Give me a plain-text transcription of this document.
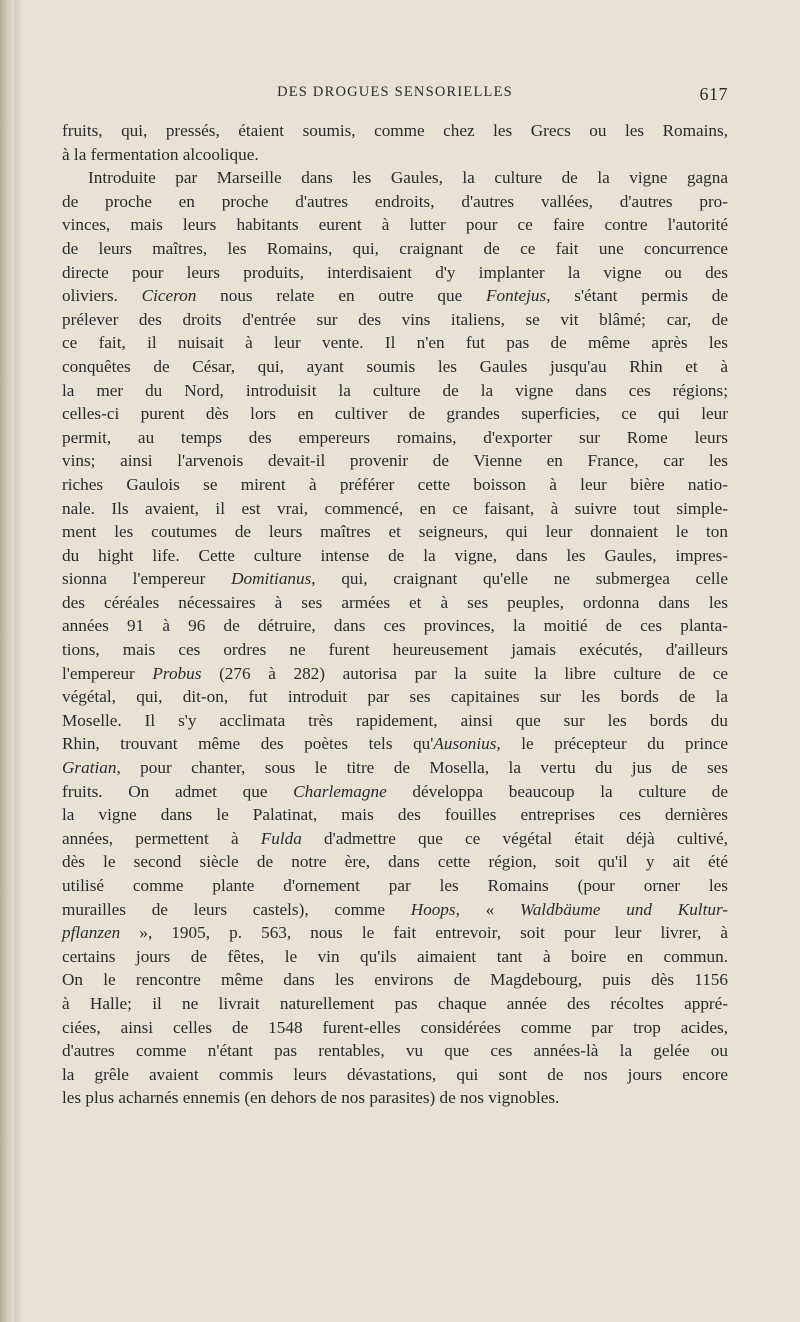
DES DROGUES SENSORIELLES	617
fruits, qui, pressés, étaient soumis, comme chez les Grecs ou les Romains,
à la fermentation alcoolique.
Introduite par Marseille dans les Gaules, la culture de la vigne gagna
de proche en proche d'autres endroits, d'autres vallées, d'autres pro-
vinces, mais leurs habitants eurent à lutter pour ce faire contre l'autorité
de leurs maîtres, les Romains, qui, craignant de ce fait une concurrence
directe pour leurs produits, interdisaient d'y implanter la vigne ou des
oliviers. Ciceron nous relate en outre que Fontejus, s'étant permis de
prélever des droits d'entrée sur des vins italiens, se vit blâmé; car, de
ce fait, il nuisait à leur vente. Il n'en fut pas de même après les
conquêtes de César, qui, ayant soumis les Gaules jusqu'au Rhin et à
la mer du Nord, introduisit la culture de la vigne dans ces régions;
celles-ci purent dès lors en cultiver de grandes superficies, ce qui leur
permit, au temps des empereurs romains, d'exporter sur Rome leurs
vins; ainsi l'arvenois devait-il provenir de Vienne en France, car les
riches Gaulois se mirent à préférer cette boisson à leur bière natio-
nale. Ils avaient, il est vrai, commencé, en ce faisant, à suivre tout simple-
ment les coutumes de leurs maîtres et seigneurs, qui leur donnaient le ton
du hight life. Cette culture intense de la vigne, dans les Gaules, impres-
sionna l'empereur Domitianus, qui, craignant qu'elle ne submergea celle
des céréales nécessaires à ses armées et à ses peuples, ordonna dans les
années 91 à 96 de détruire, dans ces provinces, la moitié de ces planta-
tions, mais ces ordres ne furent heureusement jamais exécutés, d'ailleurs
l'empereur Probus (276 à 282) autorisa par la suite la libre culture de ce
végétal, qui, dit-on, fut introduit par ses capitaines sur les bords de la
Moselle. Il s'y acclimata très rapidement, ainsi que sur les bords du
Rhin, trouvant même des poètes tels qu'Ausonius, le précepteur du prince
Gratian, pour chanter, sous le titre de Mosella, la vertu du jus de ses
fruits. On admet que Charlemagne développa beaucoup la culture de
la vigne dans le Palatinat, mais des fouilles entreprises ces dernières
années, permettent à Fulda d'admettre que ce végétal était déjà cultivé,
dès le second siècle de notre ère, dans cette région, soit qu'il y ait été
utilisé comme plante d'ornement par les Romains (pour orner les
murailles de leurs castels), comme Hoops, « Waldbäume und Kultur-
pflanzen », 1905, p. 563, nous le fait entrevoir, soit pour leur livrer, à
certains jours de fêtes, le vin qu'ils aimaient tant à boire en commun.
On le rencontre même dans les environs de Magdebourg, puis dès 1156
à Halle; il ne livrait naturellement pas chaque année des récoltes appré-
ciées, ainsi celles de 1548 furent-elles considérées comme par trop acides,
d'autres comme n'étant pas rentables, vu que ces années-là la gelée ou
la grêle avaient commis leurs dévastations, qui sont de nos jours encore
les plus acharnés ennemis (en dehors de nos parasites) de nos vignobles.
